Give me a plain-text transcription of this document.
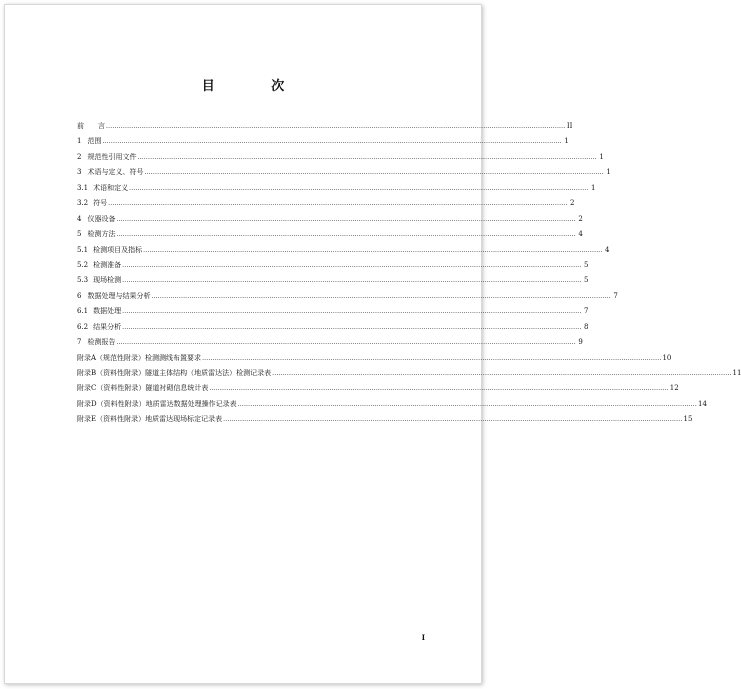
目 次
前 言 .......................................................................................................................................................................................................................... II
1 范围 .......................................................................................................................................................................................................................... 1
2 规范性引用文件 .......................................................................................................................................................................................................................... 1
3 术语与定义、符号 .......................................................................................................................................................................................................................... 1
3.1 术语和定义 .......................................................................................................................................................................................................................... 1
3.2 符号 .......................................................................................................................................................................................................................... 2
4 仪器设备 .......................................................................................................................................................................................................................... 2
5 检测方法 .......................................................................................................................................................................................................................... 4
5.1 检测项目及指标 .......................................................................................................................................................................................................................... 4
5.2 检测准备 .......................................................................................................................................................................................................................... 5
5.3 现场检测 .......................................................................................................................................................................................................................... 5
6 数据处理与结果分析 .......................................................................................................................................................................................................................... 7
6.1 数据处理 .......................................................................................................................................................................................................................... 7
6.2 结果分析 .......................................................................................................................................................................................................................... 8
7 检测报告 .......................................................................................................................................................................................................................... 9
附录A（规范性附录）检测测线布置要求 .......................................................................................................................................................................................................................... 10
附录B（资料性附录）隧道主体结构（地质雷达法）检测记录表 .......................................................................................................................................................................................................................... 11
附录C（资料性附录）隧道衬砌信息统计表 .......................................................................................................................................................................................................................... 12
附录D（资料性附录）地质雷达数据处理操作记录表 .......................................................................................................................................................................................................................... 14
附录E（资料性附录）地质雷达现场标定记录表 .......................................................................................................................................................................................................................... 15
I
